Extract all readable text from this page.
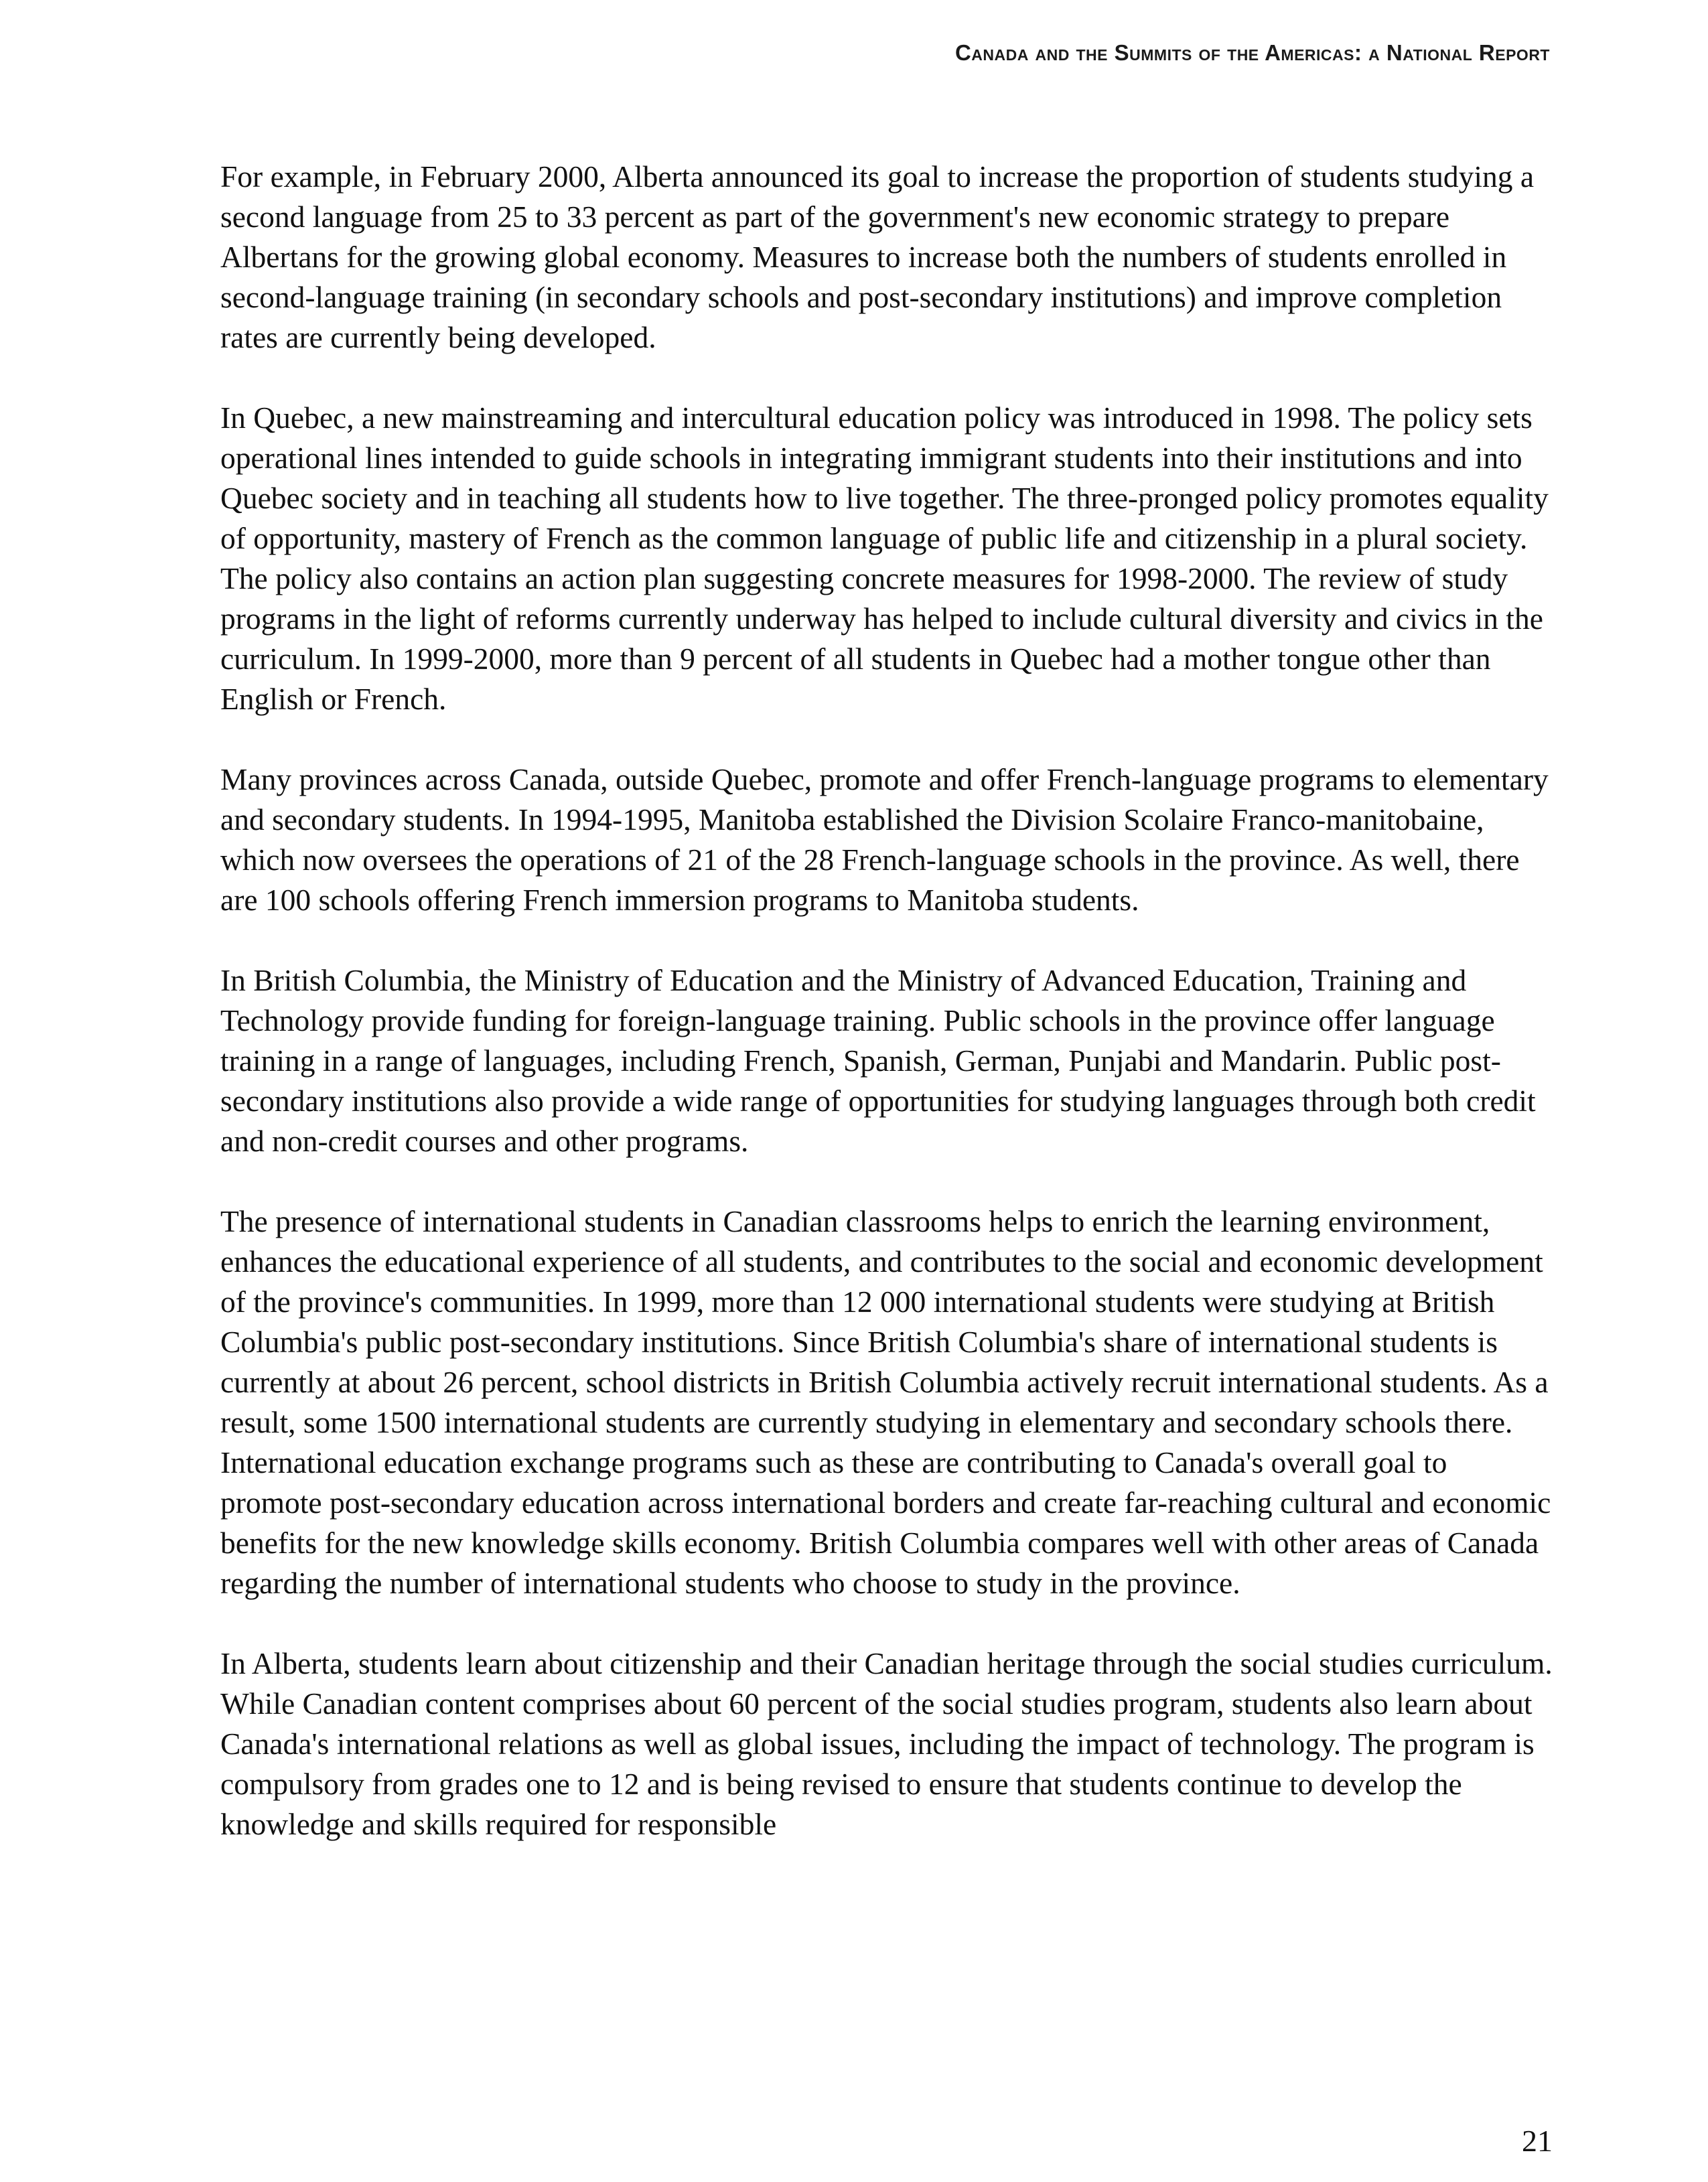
Canada and the Summits of the Americas: a National Report

For example, in February 2000, Alberta announced its goal to increase the proportion of students studying a second language from 25 to 33 percent as part of the government's new economic strategy to prepare Albertans for the growing global economy. Measures to increase both the numbers of students enrolled in second-language training (in secondary schools and post-secondary institutions) and improve completion rates are currently being developed.

In Quebec, a new mainstreaming and intercultural education policy was introduced in 1998. The policy sets operational lines intended to guide schools in integrating immigrant students into their institutions and into Quebec society and in teaching all students how to live together. The three-pronged policy promotes equality of opportunity, mastery of French as the common language of public life and citizenship in a plural society. The policy also contains an action plan suggesting concrete measures for 1998-2000. The review of study programs in the light of reforms currently underway has helped to include cultural diversity and civics in the curriculum. In 1999-2000, more than 9 percent of all students in Quebec had a mother tongue other than English or French.

Many provinces across Canada, outside Quebec, promote and offer French-language programs to elementary and secondary students. In 1994-1995, Manitoba established the Division Scolaire Franco-manitobaine, which now oversees the operations of 21 of the 28 French-language schools in the province. As well, there are 100 schools offering French immersion programs to Manitoba students.

In British Columbia, the Ministry of Education and the Ministry of Advanced Education, Training and Technology provide funding for foreign-language training. Public schools in the province offer language training in a range of languages, including French, Spanish, German, Punjabi and Mandarin. Public post-secondary institutions also provide a wide range of opportunities for studying languages through both credit and non-credit courses and other programs.

The presence of international students in Canadian classrooms helps to enrich the learning environment, enhances the educational experience of all students, and contributes to the social and economic development of the province's communities. In 1999, more than 12 000 international students were studying at British Columbia's public post-secondary institutions. Since British Columbia's share of international students is currently at about 26 percent, school districts in British Columbia actively recruit international students. As a result, some 1500 international students are currently studying in elementary and secondary schools there. International education exchange programs such as these are contributing to Canada's overall goal to promote post-secondary education across international borders and create far-reaching cultural and economic benefits for the new knowledge skills economy. British Columbia compares well with other areas of Canada regarding the number of international students who choose to study in the province.

In Alberta, students learn about citizenship and their Canadian heritage through the social studies curriculum. While Canadian content comprises about 60 percent of the social studies program, students also learn about Canada's international relations as well as global issues, including the impact of technology. The program is compulsory from grades one to 12 and is being revised to ensure that students continue to develop the knowledge and skills required for responsible

21
